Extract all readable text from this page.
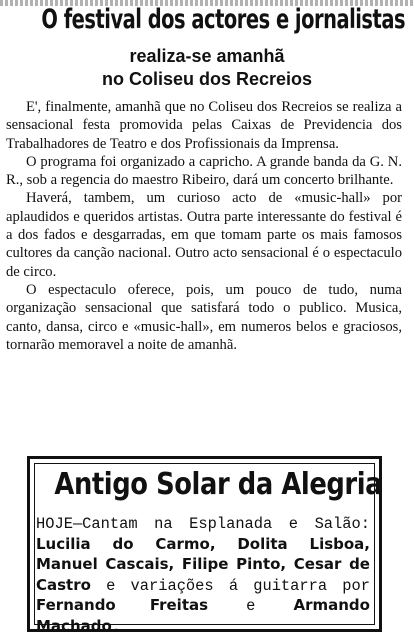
O festival dos actores e jornalistas
realiza-se amanhã
no Coliseu dos Recreios

E', finalmente, amanhã que no Coliseu dos Recreios se realiza a sensacional festa promovida pelas Caixas de Previdencia dos Trabalhadores de Teatro e dos Profissionais da Imprensa.

O programa foi organizado a capricho. A grande banda da G. N. R., sob a regencia do maestro Ribeiro, dará um concerto brilhante.

Haverá, tambem, um curioso acto de «music-hall» por aplaudidos e queridos artistas. Outra parte interessante do festival é a dos fados e desgarradas, em que tomam parte os mais famosos cultores da canção nacional. Outro acto sensacional é o espectaculo de circo.

O espectaculo oferece, pois, um pouco de tudo, numa organização sensacional que satisfará todo o publico. Musica, canto, dansa, circo e «music-hall», em numeros belos e graciosos, tornarão memoravel a noite de amanhã.

Antigo Solar da Alegria
HOJE—Cantam na Esplanada e Salão: Lucilia do Carmo, Dolita Lisboa, Manuel Cascais, Filipe Pinto, Cesar de Castro e variações á guitarra por Fernando Freitas e Armando Machado.
